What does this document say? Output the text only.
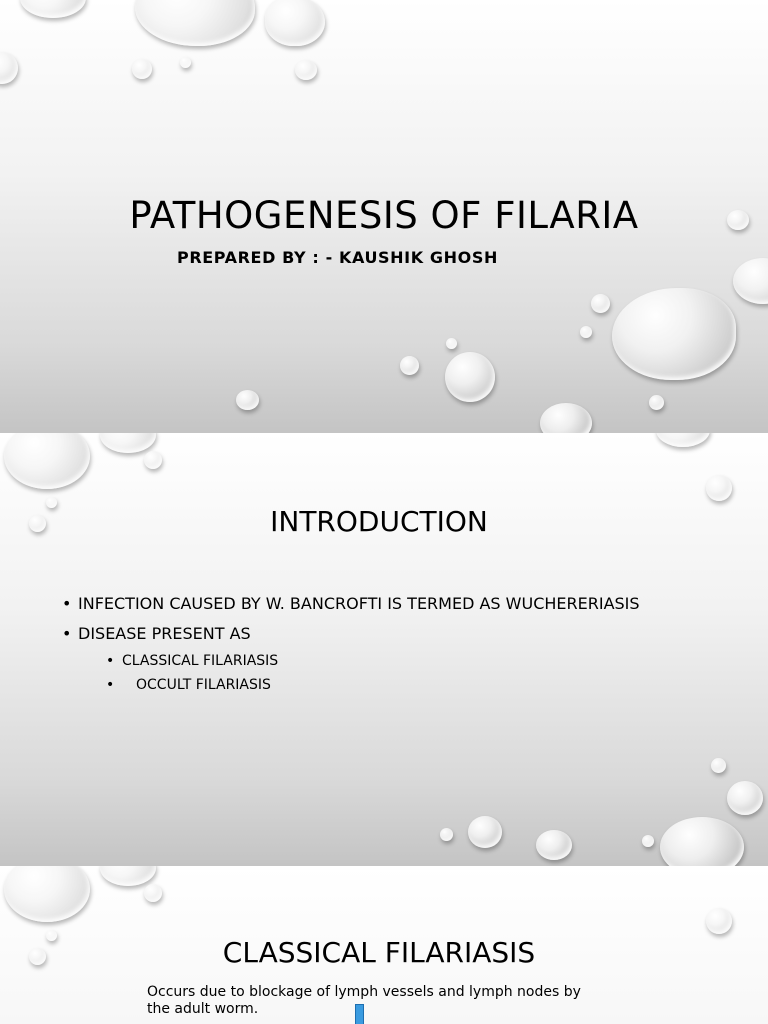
PATHOGENESIS OF FILARIA
PREPARED BY : - KAUSHIK GHOSH
INTRODUCTION
• INFECTION CAUSED BY W. BANCROFTI IS TERMED AS WUCHERERIASIS
• DISEASE PRESENT AS
• CLASSICAL FILARIASIS
• OCCULT FILARIASIS
CLASSICAL FILARIASIS
Occurs due to blockage of lymph vessels and lymph nodes by the adult worm.
